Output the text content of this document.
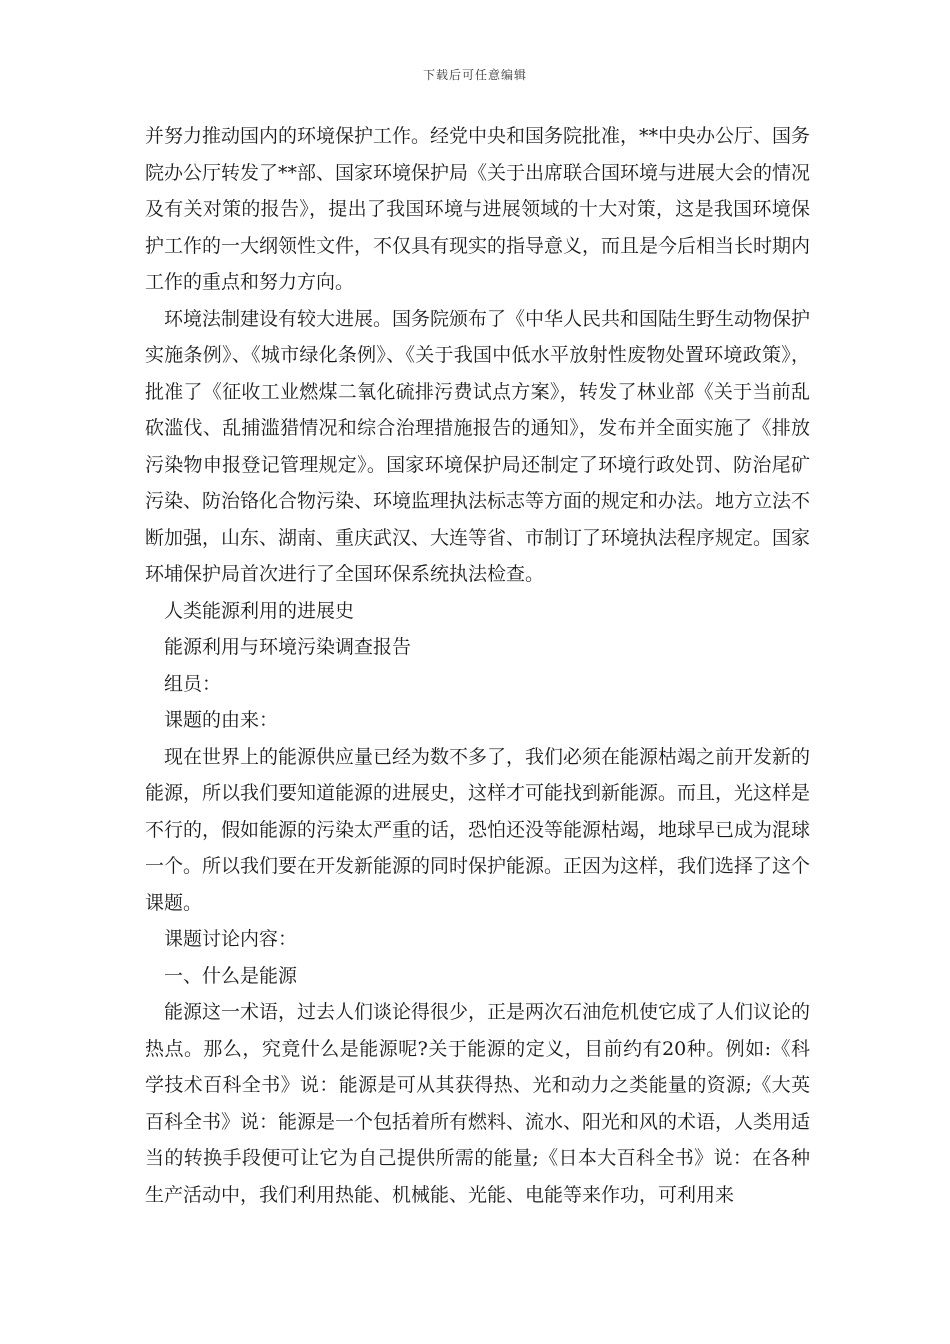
下载后可任意编辑

并努力推动国内的环境保护工作。经党中央和国务院批准，**中央办公厅、国务院办公厅转发了**部、国家环境保护局《关于出席联合国环境与进展大会的情况及有关对策的报告》，提出了我国环境与进展领域的十大对策，这是我国环境保护工作的一大纲领性文件，不仅具有现实的指导意义，而且是今后相当长时期内工作的重点和努力方向。

环境法制建设有较大进展。国务院颁布了《中华人民共和国陆生野生动物保护实施条例》、《城市绿化条例》、《关于我国中低水平放射性废物处置环境政策》，批准了《征收工业燃煤二氧化硫排污费试点方案》，转发了林业部《关于当前乱砍滥伐、乱捕滥猎情况和综合治理措施报告的通知》，发布并全面实施了《排放污染物申报登记管理规定》。国家环境保护局还制定了环境行政处罚、防治尾矿污染、防治铬化合物污染、环境监理执法标志等方面的规定和办法。地方立法不断加强，山东、湖南、重庆武汉、大连等省、市制订了环境执法程序规定。国家环埔保护局首次进行了全国环保系统执法检查。

人类能源利用的进展史

能源利用与环境污染调查报告

组员：

课题的由来：

现在世界上的能源供应量已经为数不多了，我们必须在能源枯竭之前开发新的能源，所以我们要知道能源的进展史，这样才可能找到新能源。而且，光这样是不行的，假如能源的污染太严重的话，恐怕还没等能源枯竭，地球早已成为混球一个。所以我们要在开发新能源的同时保护能源。正因为这样，我们选择了这个课题。

课题讨论内容：

一、什么是能源

能源这一术语，过去人们谈论得很少，正是两次石油危机使它成了人们议论的热点。那么，究竟什么是能源呢?关于能源的定义，目前约有20种。例如:《科学技术百科全书》说：能源是可从其获得热、光和动力之类能量的资源;《大英百科全书》说：能源是一个包括着所有燃料、流水、阳光和风的术语，人类用适当的转换手段便可让它为自己提供所需的能量;《日本大百科全书》说：在各种生产活动中，我们利用热能、机械能、光能、电能等来作功，可利用来
